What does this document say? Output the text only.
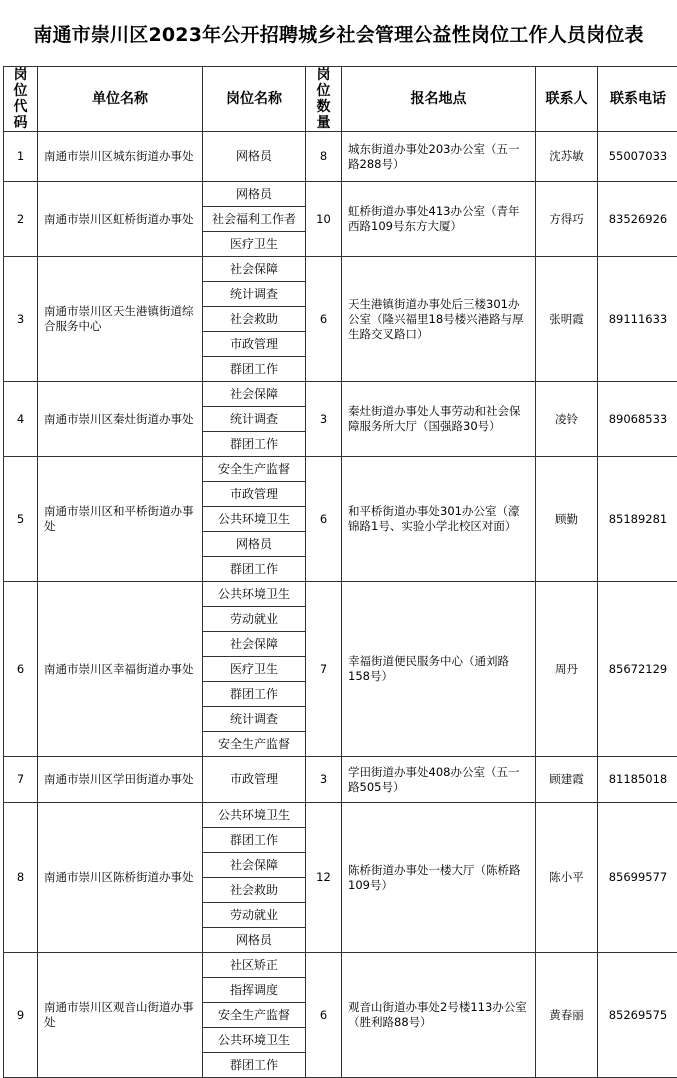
南通市崇川区2023年公开招聘城乡社会管理公益性岗位工作人员岗位表
岗位代码	单位名称	岗位名称	岗位数量	报名地点	联系人	联系电话
1	南通市崇川区城东街道办事处	网格员	8	城东街道办事处203办公室（五一路288号）	沈苏敏	55007033
2	南通市崇川区虹桥街道办事处	网格员	10	虹桥街道办事处413办公室（青年西路109号东方大厦）	方得巧	83526926
		社会福利工作者				
		医疗卫生				
3	南通市崇川区天生港镇街道综合服务中心	社会保障	6	天生港镇街道办事处后三楼301办公室（隆兴福里18号楼兴港路与厚生路交叉路口）	张明霞	89111633
		统计调查				
		社会救助				
		市政管理				
		群团工作				
4	南通市崇川区秦灶街道办事处	社会保障	3	秦灶街道办事处人事劳动和社会保障服务所大厅（国强路30号）	凌铃	89068533
		统计调查				
		群团工作				
5	南通市崇川区和平桥街道办事处	安全生产监督	6	和平桥街道办事处301办公室（濠锦路1号、实验小学北校区对面）	顾勤	85189281
		市政管理				
		公共环境卫生				
		网格员				
		群团工作				
6	南通市崇川区幸福街道办事处	公共环境卫生	7	幸福街道便民服务中心（通刘路158号）	周丹	85672129
		劳动就业				
		社会保障				
		医疗卫生				
		群团工作				
		统计调查				
		安全生产监督				
7	南通市崇川区学田街道办事处	市政管理	3	学田街道办事处408办公室（五一路505号）	顾建霞	81185018
8	南通市崇川区陈桥街道办事处	公共环境卫生	12	陈桥街道办事处一楼大厅（陈桥路109号）	陈小平	85699577
		群团工作				
		社会保障				
		社会救助				
		劳动就业				
		网格员				
9	南通市崇川区观音山街道办事处	社区矫正	6	观音山街道办事处2号楼113办公室（胜利路88号）	黄春丽	85269575
		指挥调度				
		安全生产监督				
		公共环境卫生				
		群团工作				
